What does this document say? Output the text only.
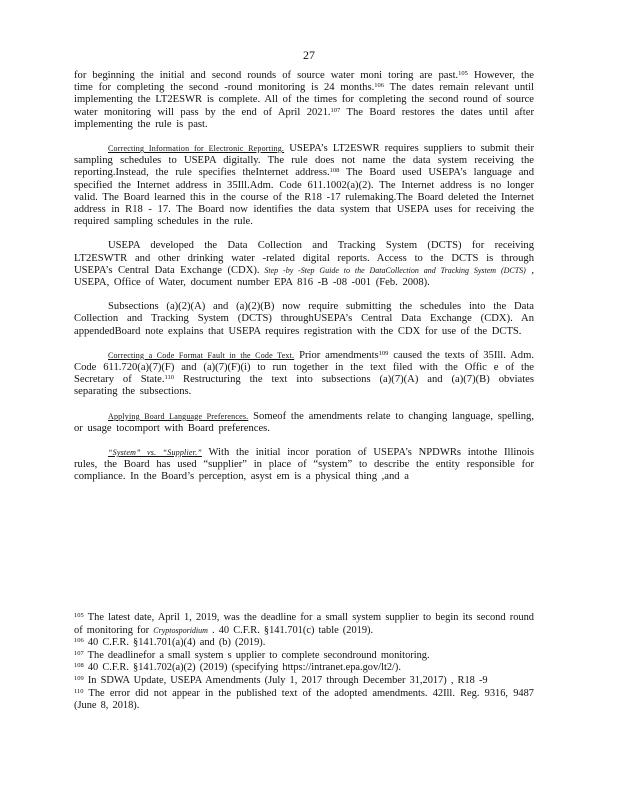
27

for beginning the initial and second rounds of source water moni toring are past.$^{105}$ However, the time for completing the second -round monitoring is 24 months.$^{106}$ The dates remain relevant until implementing the LT2ESWR is complete. All of the times for completing the second round of source water monitoring will pass by the end of April 2021.$^{107}$ The Board restores the dates until after implementing the rule is past.

Correcting Information for Electronic Reporting. USEPA’s LT2ESWR requires suppliers to submit their sampling schedules to USEPA digitally. The rule does not name the data system receiving the reporting.Instead, the rule specifies theInternet address.$^{108}$ The Board used USEPA’s language and specified the Internet address in 35Ill.Adm. Code 611.1002(a)(2). The Internet address is no longer valid. The Board learned this in the course of the R18 -17 rulemaking.The Board deleted the Internet address in R18 - 17. The Board now identifies the data system that USEPA uses for receiving the required sampling schedules in the rule.

USEPA developed the Data Collection and Tracking System (DCTS) for receiving LT2ESWTR and other drinking water -related digital reports. Access to the DCTS is through USEPA’s Central Data Exchange (CDX). Step -by -Step Guide to the DataCollection and Tracking System (DCTS) , USEPA, Office of Water, document number EPA 816 -B -08 -001 (Feb. 2008).

Subsections (a)(2)(A) and (a)(2)(B) now require submitting the schedules into the Data Collection and Tracking System (DCTS) throughUSEPA’s Central Data Exchange (CDX). An appendedBoard note explains that USEPA requires registration with the CDX for use of the DCTS.

Correcting a Code Format Fault in the Code Text. Prior amendments$^{109}$ caused the texts of 35Ill. Adm. Code 611.720(a)(7)(F) and (a)(7)(F)(i) to run together in the text filed with the Offic e of the Secretary of State.$^{110}$ Restructuring the text into subsections (a)(7)(A) and (a)(7)(B) obviates separating the subsections.

Applying Board Language Preferences. Someof the amendments relate to changing language, spelling, or usage tocomport with Board preferences.

“System” vs. “Supplier.” With the initial incor poration of USEPA’s NPDWRs intothe Illinois rules, the Board has used “supplier” in place of “system” to describe the entity responsible for compliance. In the Board’s perception, asyst em is a physical thing ,and a

$^{105}$ The latest date, April 1, 2019, was the deadline for a small system supplier to begin its second round of monitoring for Cryptosporidium . 40 C.F.R. §141.701(c) table (2019).

$^{106}$ 40 C.F.R. §141.701(a)(4) and (b) (2019).

$^{107}$ The deadlinefor a small system s upplier to complete secondround monitoring.

$^{108}$ 40 C.F.R. §141.702(a)(2) (2019) (specifying https://intranet.epa.gov/lt2/).

$^{109}$ In SDWA Update, USEPA Amendments (July 1, 2017 through December 31,2017) , R18 -9

$^{110}$ The error did not appear in the published text of the adopted amendments. 42Ill. Reg. 9316, 9487 (June 8, 2018).
